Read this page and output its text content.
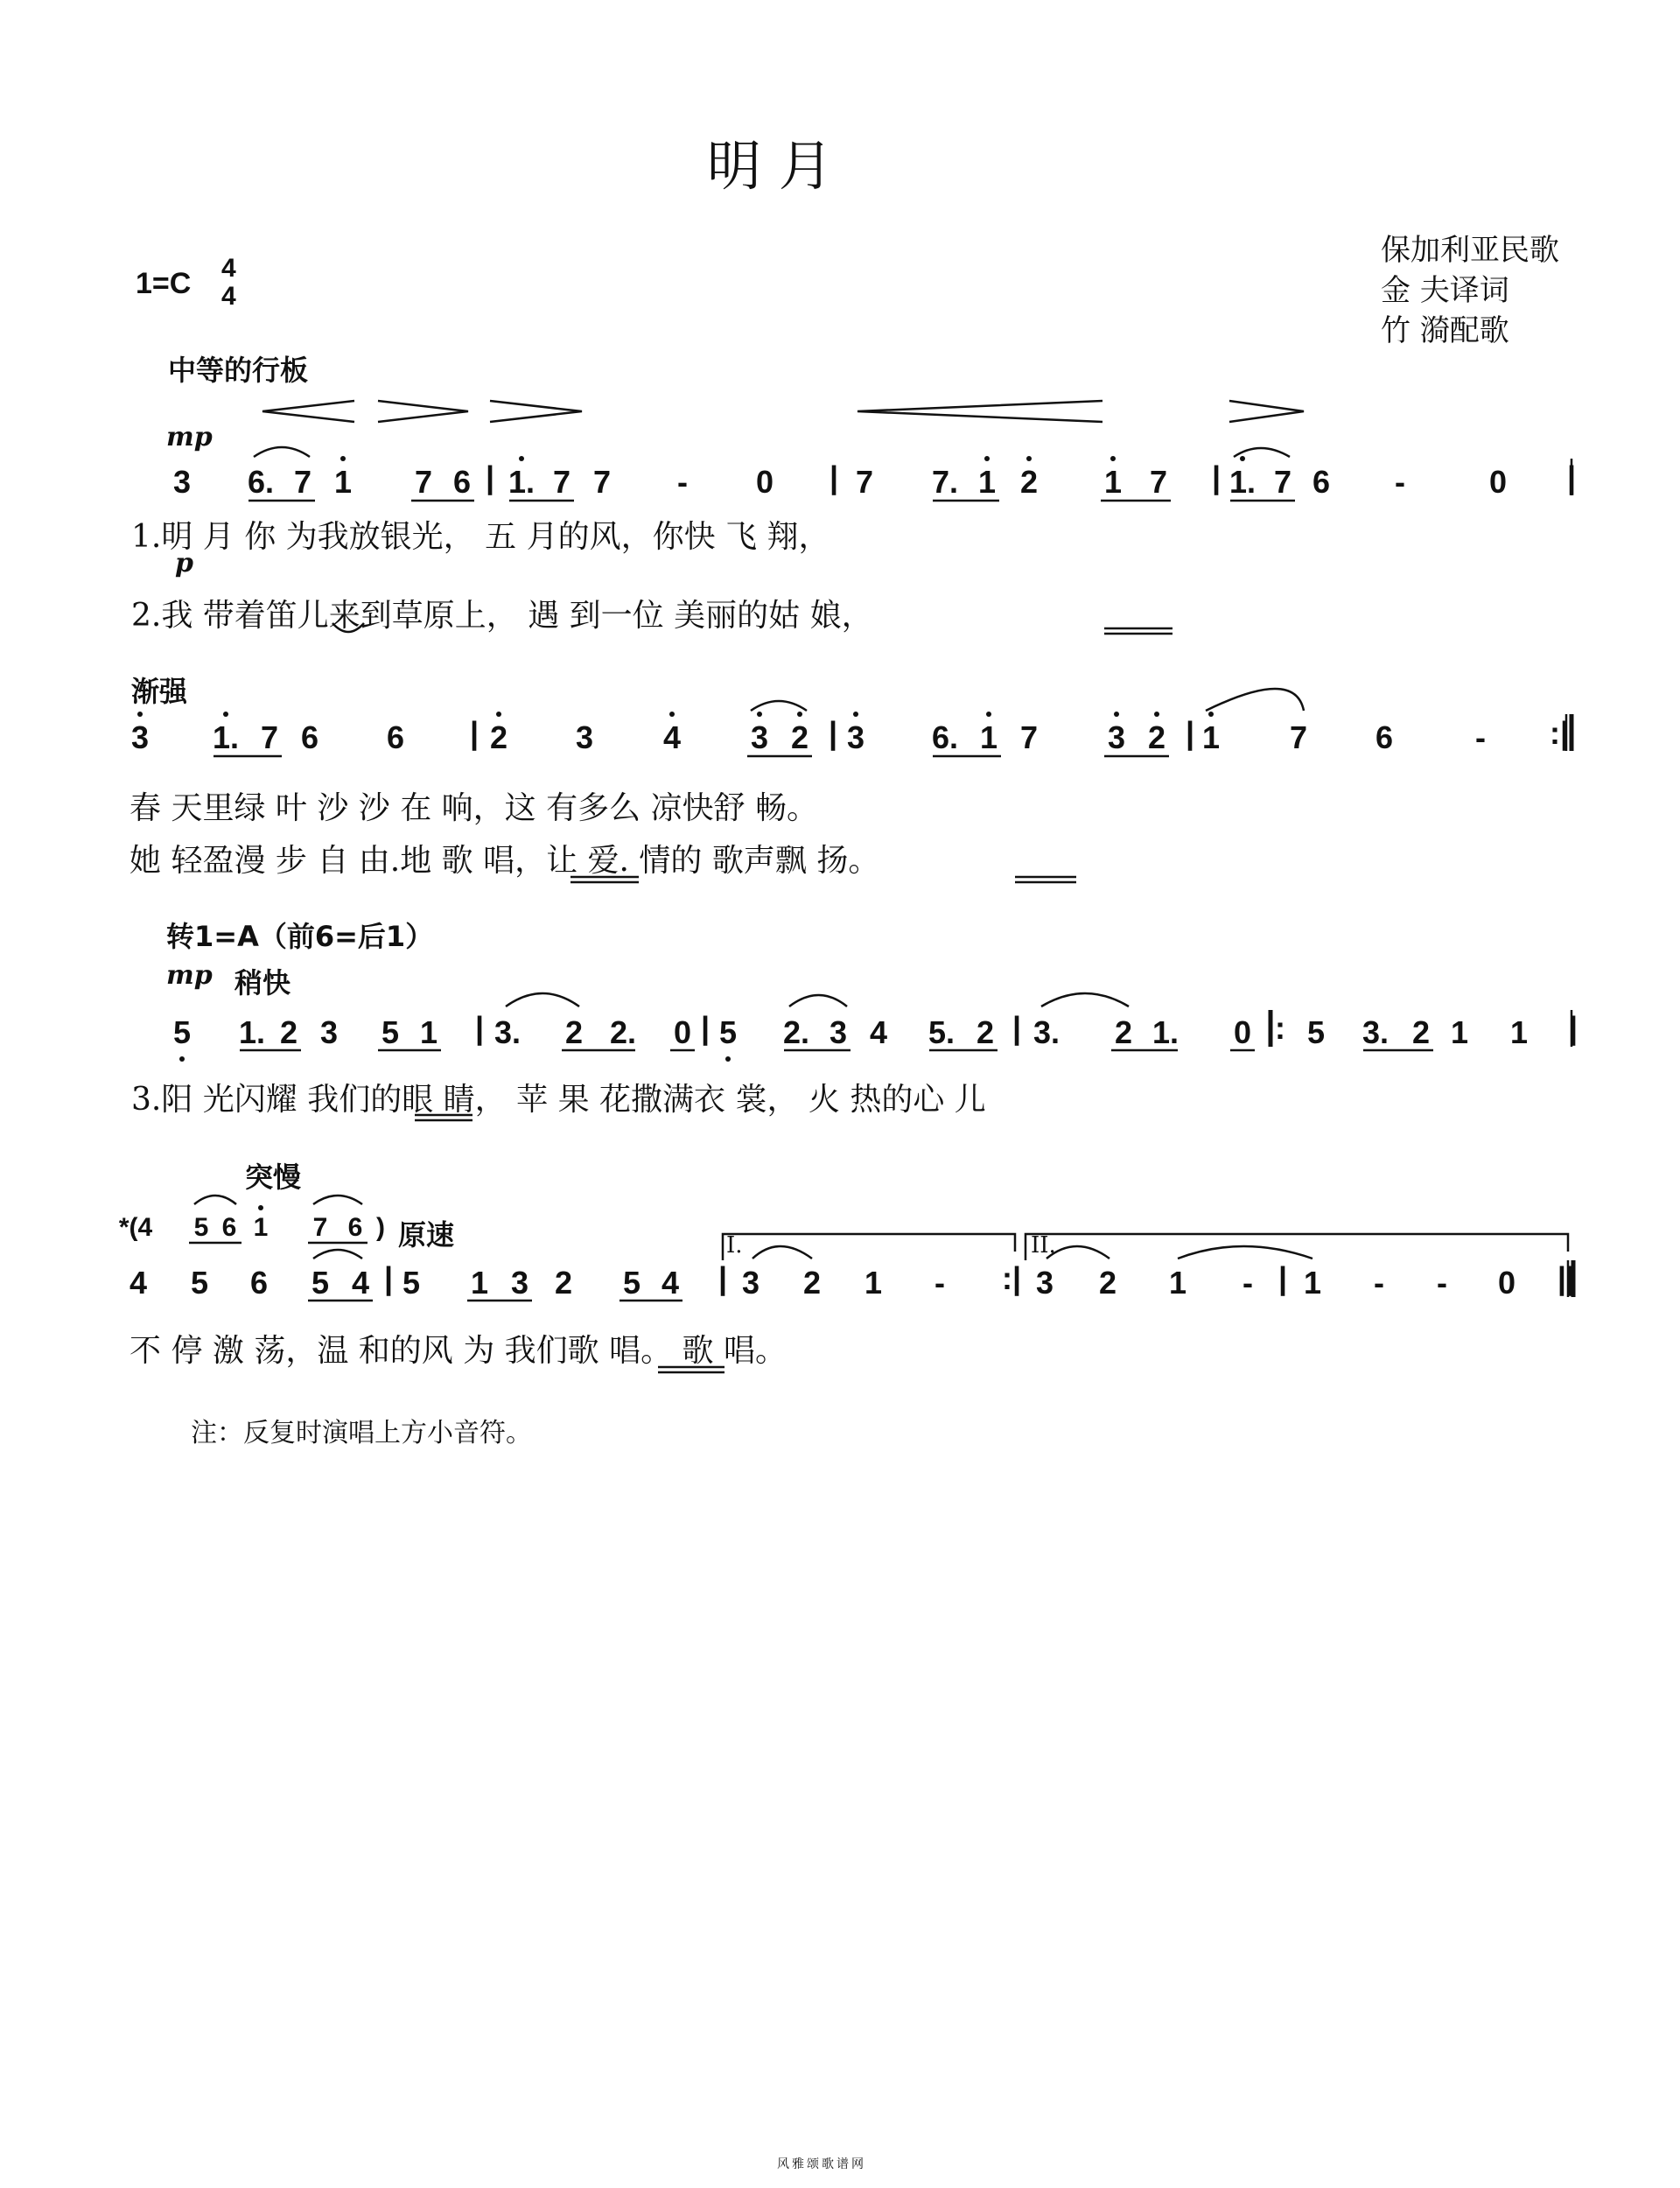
明 月
保加利亚民歌
金 夫译词
竹 漪配歌
1=C 4
4
中等的行板
mp
p
3 6. 7 1 7 6 | 1. 7 7 - 0 | 7 7. 1 2 1 7 | 1. 7 6 -	0 |
1.明 月 你 为我放银光， 五 月的风，你快 飞 翔，
2.我 带着笛儿来到草原上， 遇 到一位 美丽的姑 娘，
渐强
3 1. 7 6 6 | 2 3 4 3 2 | 3 6. 1 7 3 2 | 1 7 6	- :|
春 天里绿 叶 沙 沙 在 响，这 有多么 凉快舒 畅。
她 轻盈漫 步 自 由.地 歌 唱，让 爱. 情的 歌声飘 扬。
转1=A（前6=后1）
mp 稍快
5 1. 2 3 5 1 | 3. 2 2. 0 | 5 2. 3 4 5. 2 | 3. 2 1. 0 |: 5 3. 2 1 1 |
3.阳 光闪耀 我们的眼 睛， 苹 果 花撒满衣 裳， 火 热的心 儿
突慢
*(4 5 6 1 7 6 ) 原速	I.	II.
4 5 6 5 4 | 5 1 3 2 5 4 | 3 2 1 - :| 3 2 1 - | 1 - - 0 ||
不 停 激 荡，温 和的风 为 我们歌 唱。 歌 唱。
注：反复时演唱上方小音符。
风雅颂歌谱网
